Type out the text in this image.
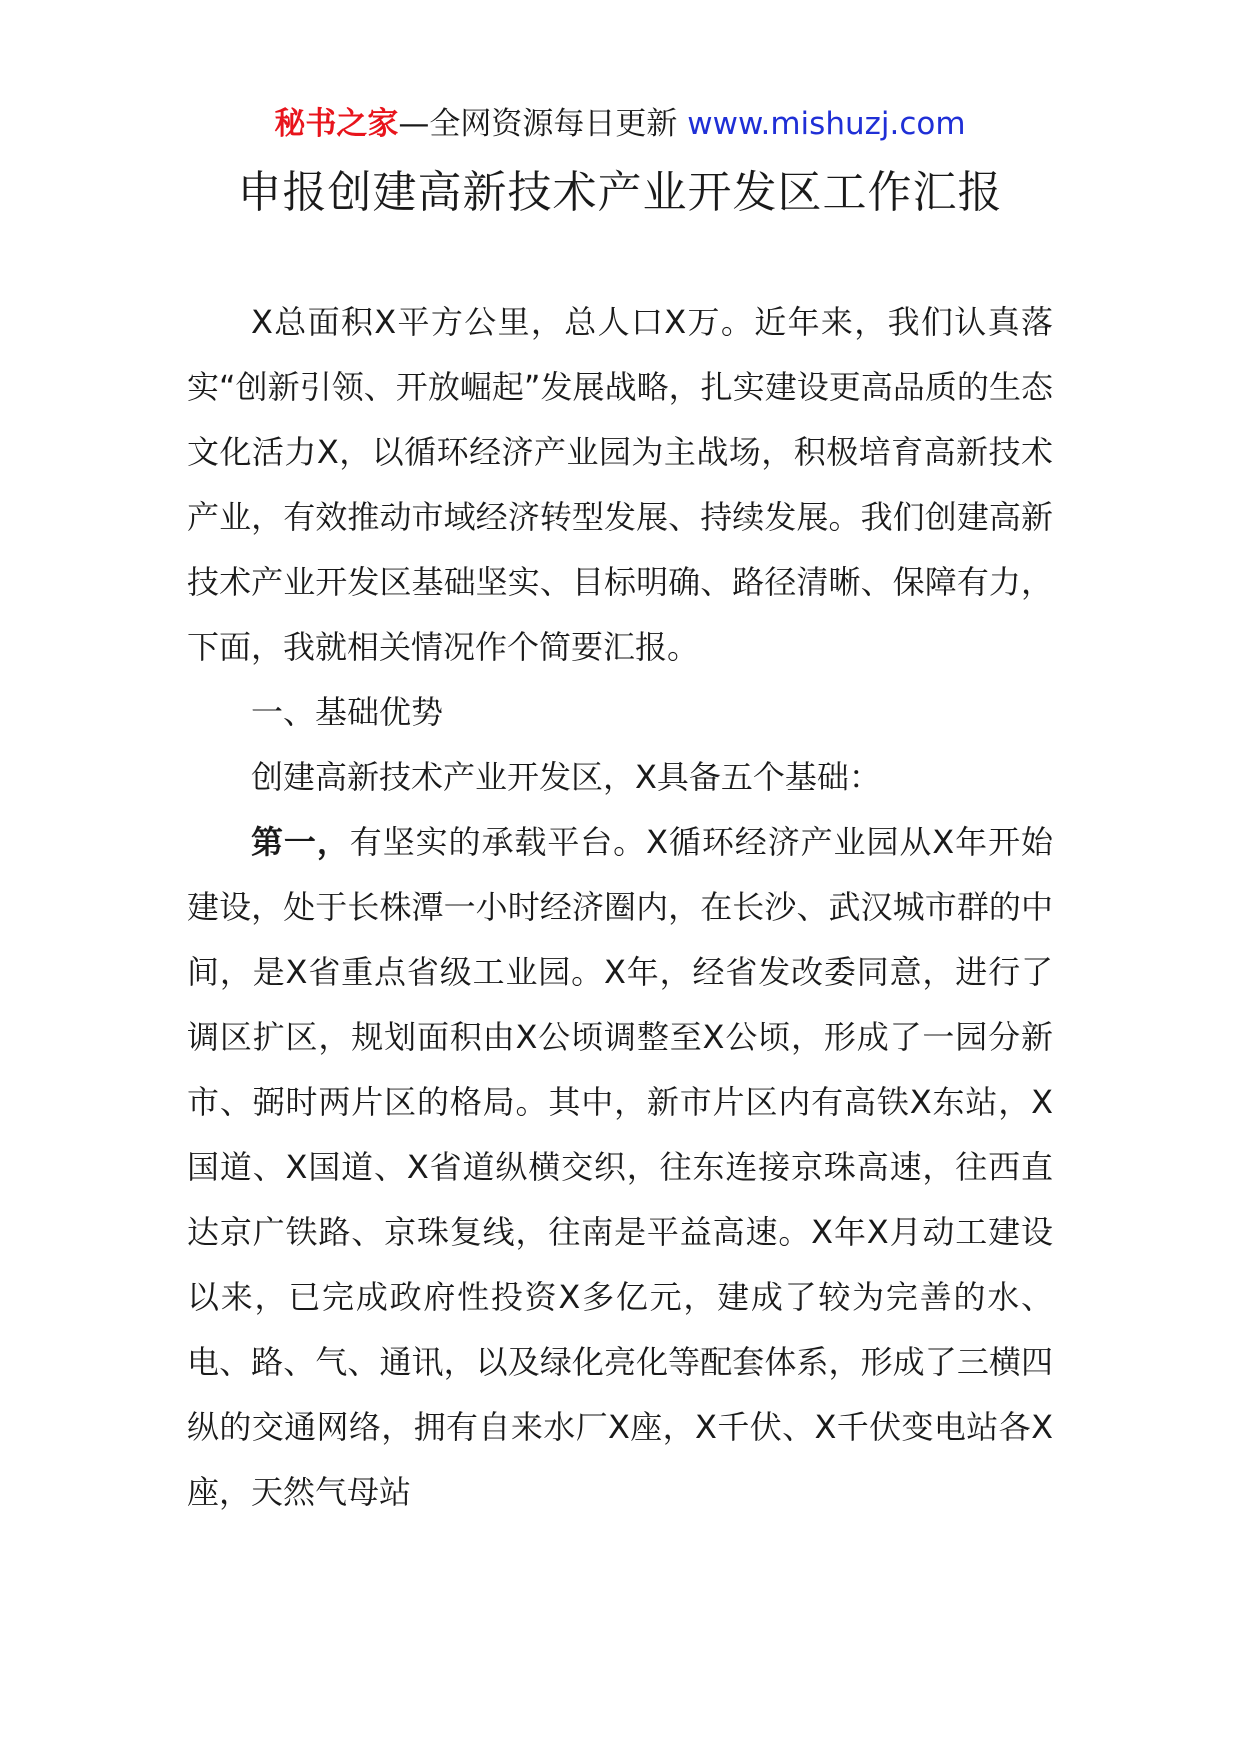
秘书之家—全网资源每日更新 www.mishuzj.com
申报创建高新技术产业开发区工作汇报

X总面积X平方公里，总人口X万。近年来，我们认真落实“创新引领、开放崛起”发展战略，扎实建设更高品质的生态文化活力X，以循环经济产业园为主战场，积极培育高新技术产业，有效推动市域经济转型发展、持续发展。我们创建高新技术产业开发区基础坚实、目标明确、路径清晰、保障有力，下面，我就相关情况作个简要汇报。

一、基础优势

创建高新技术产业开发区，X具备五个基础：

第一，有坚实的承载平台。X循环经济产业园从X年开始建设，处于长株潭一小时经济圈内，在长沙、武汉城市群的中间，是X省重点省级工业园。X年，经省发改委同意，进行了调区扩区，规划面积由X公顷调整至X公顷，形成了一园分新市、弼时两片区的格局。其中，新市片区内有高铁X东站，X国道、X国道、X省道纵横交织，往东连接京珠高速，往西直达京广铁路、京珠复线，往南是平益高速。X年X月动工建设以来，已完成政府性投资X多亿元，建成了较为完善的水、电、路、气、通讯，以及绿化亮化等配套体系，形成了三横四纵的交通网络，拥有自来水厂X座，X千伏、X千伏变电站各X座，天然气母站
